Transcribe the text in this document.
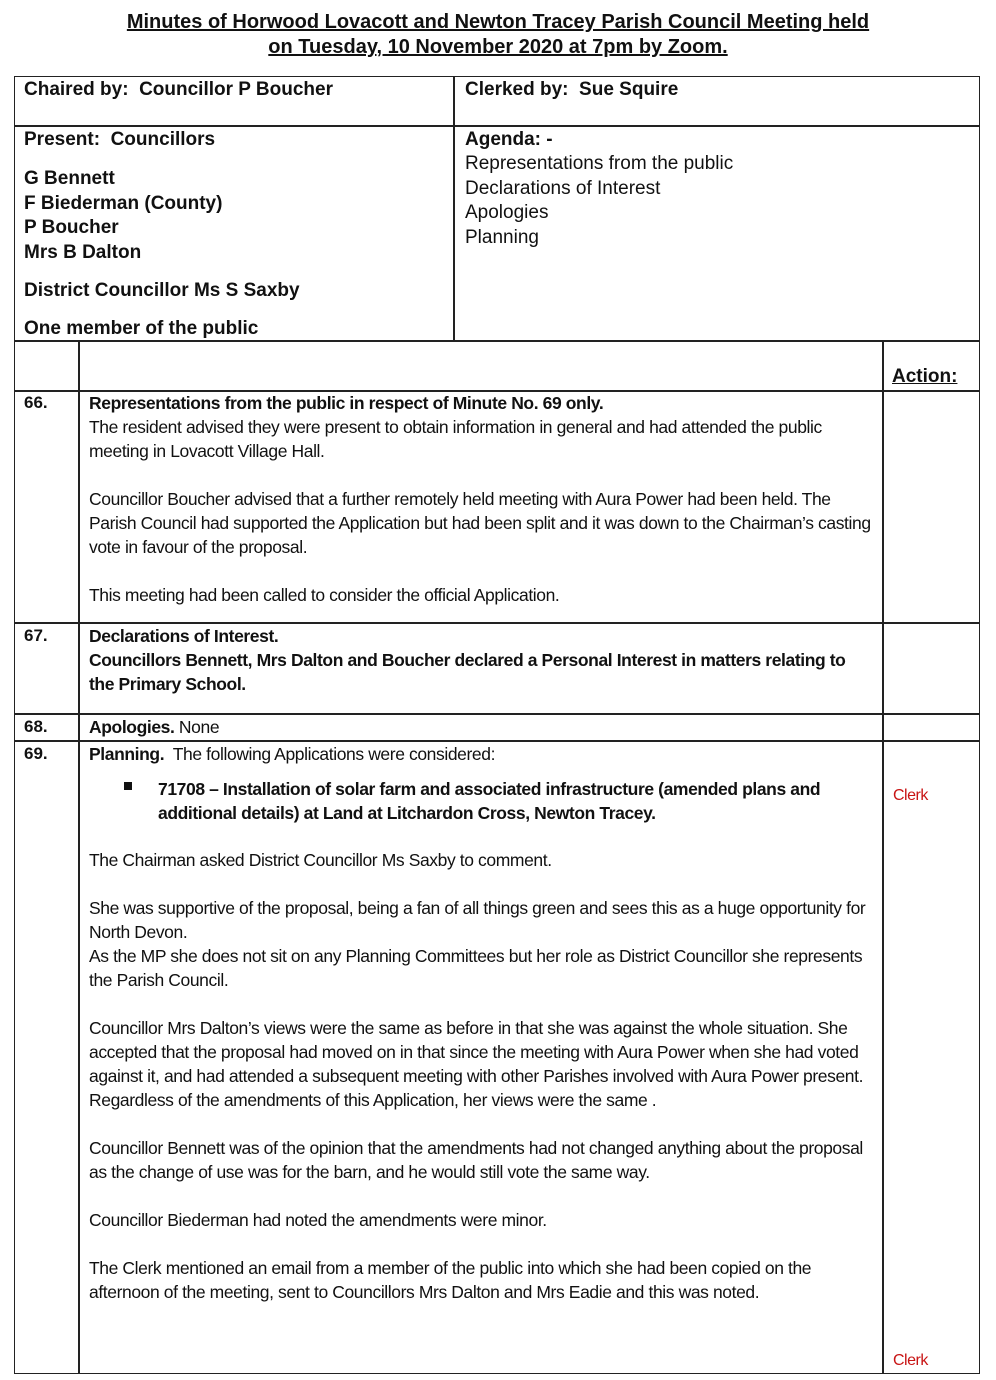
Minutes of Horwood Lovacott and Newton Tracey Parish Council Meeting held
on Tuesday, 10 November 2020 at 7pm by Zoom.
Chaired by:  Councillor P Boucher	Clerked by:  Sue Squire

Present:  Councillors

G Bennett

F Biederman (County)

P Boucher

Mrs B Dalton

District Councillor Ms S Saxby

One member of the public

Agenda: -

Representations from the public

Declarations of Interest

Apologies

Planning

Action:
66. Representations from the public in respect of Minute No. 69 only.

The resident advised they were present to obtain information in general and had attended the public meeting in Lovacott Village Hall.

Councillor Boucher advised that a further remotely held meeting with Aura Power had been held. The Parish Council had supported the Application but had been split and it was down to the Chairman’s casting vote in favour of the proposal.

This meeting had been called to consider the official Application.

67. Declarations of Interest.

Councillors Bennett, Mrs Dalton and Boucher declared a Personal Interest in matters relating to the Primary School.

68. Apologies. None
69. Planning.  The following Applications were considered:
71708 – Installation of solar farm and associated infrastructure (amended plans and additional details) at Land at Litchardon Cross, Newton Tracey.
Clerk

The Chairman asked District Councillor Ms Saxby to comment.

She was supportive of the proposal, being a fan of all things green and sees this as a huge opportunity for North Devon.

As the MP she does not sit on any Planning Committees but her role as District Councillor she represents the Parish Council.

Councillor Mrs Dalton’s views were the same as before in that she was against the whole situation. She accepted that the proposal had moved on in that since the meeting with Aura Power when she had voted against it, and had attended a subsequent meeting with other Parishes involved with Aura Power present.

Regardless of the amendments of this Application, her views were the same .

Councillor Bennett was of the opinion that the amendments had not changed anything about the proposal as the change of use was for the barn, and he would still vote the same way.

Councillor Biederman had noted the amendments were minor.

The Clerk mentioned an email from a member of the public into which she had been copied on the afternoon of the meeting, sent to Councillors Mrs Dalton and Mrs Eadie and this was noted.

Clerk
